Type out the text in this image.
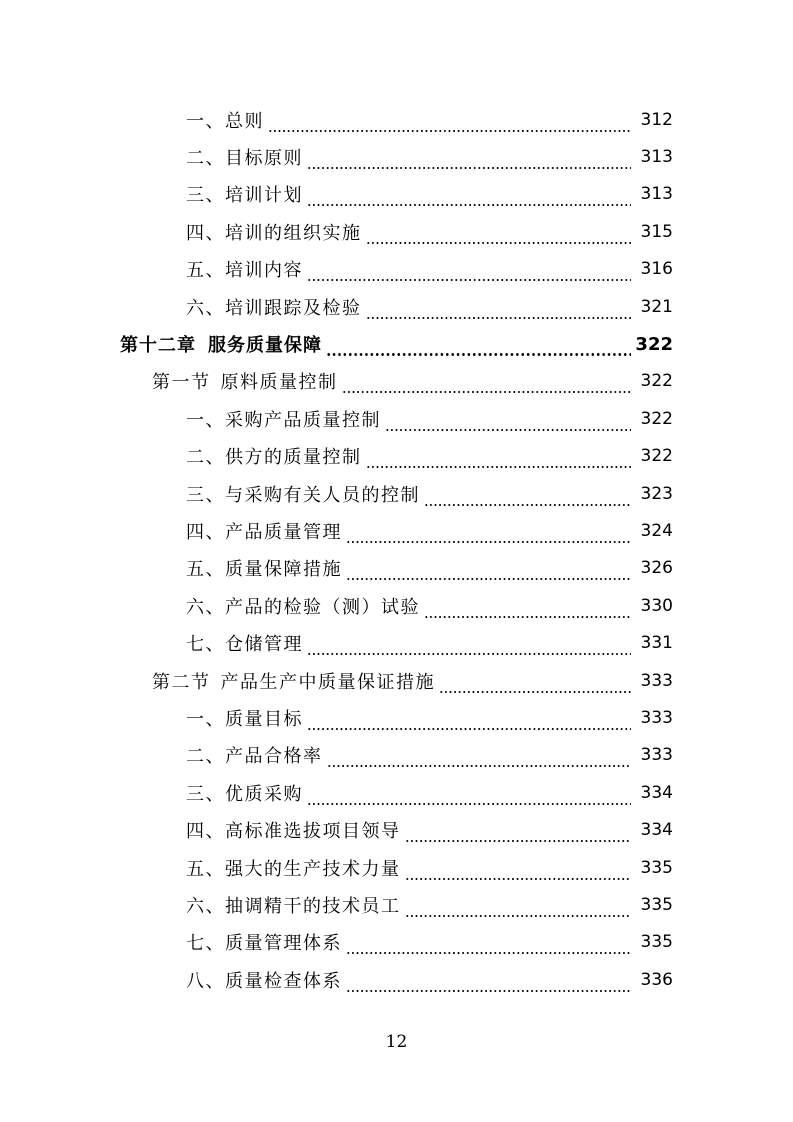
一、总则	312
二、目标原则	313
三、培训计划	313
四、培训的组织实施	315
五、培训内容	316
六、培训跟踪及检验	321
第十二章 服务质量保障	322
第一节 原料质量控制	322
一、采购产品质量控制	322
二、供方的质量控制	322
三、与采购有关人员的控制	323
四、产品质量管理	324
五、质量保障措施	326
六、产品的检验（测）试验	330
七、仓储管理	331
第二节 产品生产中质量保证措施	333
一、质量目标	333
二、产品合格率	333
三、优质采购	334
四、高标准选拔项目领导	334
五、强大的生产技术力量	335
六、抽调精干的技术员工	335
七、质量管理体系	335
八、质量检查体系	336
12
